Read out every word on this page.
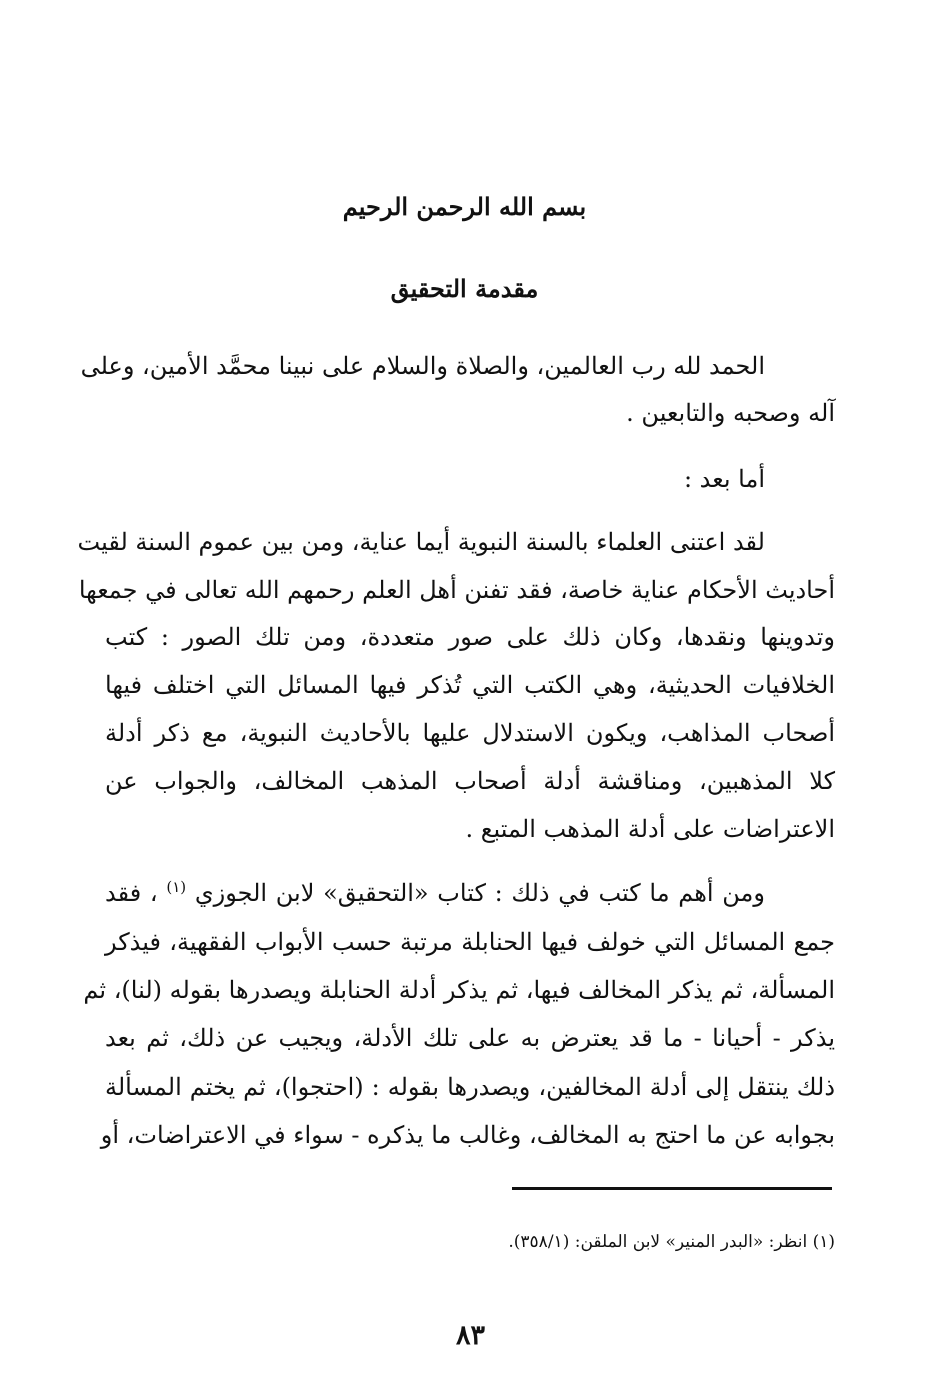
بسم الله الرحمن الرحيم
مقدمة التحقيق
الحمد لله رب العالمين، والصلاة والسلام على نبينا محمَّد الأمين، وعلى
آله وصحبه والتابعين .
أما بعد :
لقد اعتنى العلماء بالسنة النبوية أيما عناية، ومن بين عموم السنة لقيت
أحاديث الأحكام عناية خاصة، فقد تفنن أهل العلم رحمهم الله تعالى في جمعها
وتدوينها ونقدها، وكان ذلك على صور متعددة، ومن تلك الصور : كتب
الخلافيات الحديثية، وهي الكتب التي تُذكر فيها المسائل التي اختلف فيها
أصحاب المذاهب، ويكون الاستدلال عليها بالأحاديث النبوية، مع ذكر أدلة
كلا المذهبين، ومناقشة أدلة أصحاب المذهب المخالف، والجواب عن
الاعتراضات على أدلة المذهب المتبع .
ومن أهم ما كتب في ذلك : كتاب «التحقيق» لابن الجوزي $^{(١)}$ ، فقد
جمع المسائل التي خولف فيها الحنابلة مرتبة حسب الأبواب الفقهية، فيذكر
المسألة، ثم يذكر المخالف فيها، ثم يذكر أدلة الحنابلة ويصدرها بقوله (لنا)، ثم
يذكر - أحيانا - ما قد يعترض به على تلك الأدلة، ويجيب عن ذلك، ثم بعد
ذلك ينتقل إلى أدلة المخالفين، ويصدرها بقوله : (احتجوا)، ثم يختم المسألة
بجوابه عن ما احتج به المخالف، وغالب ما يذكره - سواء في الاعتراضات، أو
(١) انظر: «البدر المنير» لابن الملقن: (٣٥٨/١).
٨٣
